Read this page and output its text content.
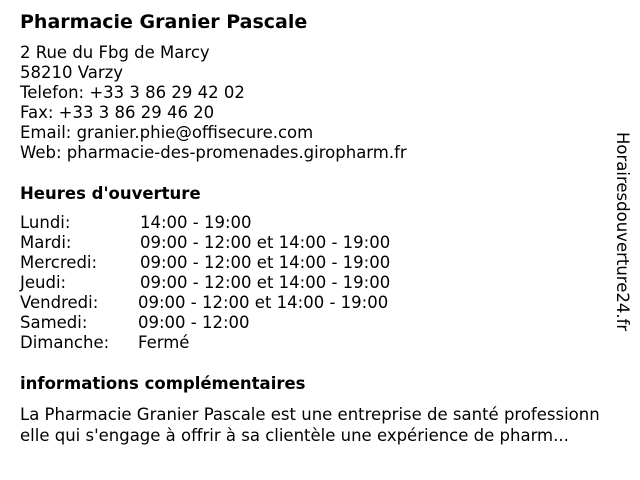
Pharmacie Granier Pascale
2 Rue du Fbg de Marcy
58210 Varzy
Telefon: +33 3 86 29 42 02
Fax: +33 3 86 29 46 20
Email: granier.phie@offisecure.com
Web: pharmacie-des-promenades.giropharm.fr
Heures d'ouverture
Lundi:	14:00 - 19:00
Mardi:	09:00 - 12:00 et 14:00 - 19:00
Mercredi:	09:00 - 12:00 et 14:00 - 19:00
Jeudi:	09:00 - 12:00 et 14:00 - 19:00
Vendredi: 09:00 - 12:00 et 14:00 - 19:00
Samedi:	09:00 - 12:00
Dimanche: Fermé
informations complémentaires
La Pharmacie Granier Pascale est une entreprise de santé professionn
elle qui s'engage à offrir à sa clientèle une expérience de pharm...
Horairesdouverture24.fr
